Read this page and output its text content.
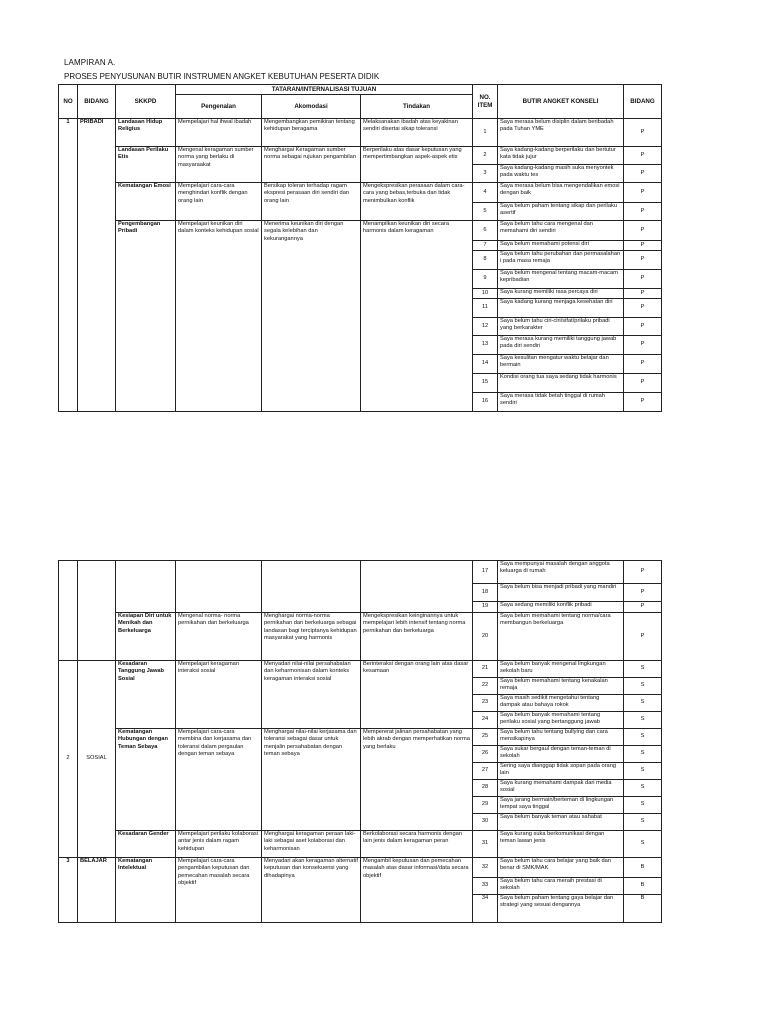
LAMPIRAN A.
PROSES PENYUSUNAN BUTIR INSTRUMEN ANGKET KEBUTUHAN PESERTA DIDIK
NO	BIDANG	SKKPD	TATARAN/INTERNALISASI TUJUAN			NO. ITEM	BUTIR ANGKET KONSELI	BIDANG
			Pengenalan	Akomodasi	Tindakan			
1	PRIBADI	Landasan Hidup Religius	Mempelajari hal ihwal ibadah	Mengembangkan pemikiran tentang kehidupan beragama	Melaksanakan ibadah atas keyakinan sendiri disertai sikap toleransi	1	Saya merasa belum disiplin dalam beribadah pada Tuhan YME	P
		Landasan Perilaku Etis	Mengenal keragaman sumber norma yang berlaku di masyaraakat	Menghargai Keragaman sumber norma sebagai rujukan pengambilan	Berperilaku atas dasar keputusan yang mempertimbangkan aspek-aspek etis	2	Saya kadang-kadang berperilaku dan bertutur kata tidak jujur	P
						3	Saya kadang-kadang masih suka menyontek pada waktu tes	P
		Kematangan Emosi	Mempelajari cara-cara menghindari konflik dengan orang lain	Bersikap toleran terhadap ragam ekspresi perasaan diri sendiri dan orang lain	Mengekspresikan perasaan dalam cara-cara yang bebas,terbuka dan tidak menimbulkan konflik	4	Saya merasa belum bisa mengendalikan emosi dengan baik	P
						5	Saya belum paham tentang sikap dan perilaku asertif	P
		Pengembangan Pribadi	Mempelajari keunikan diri dalam konteks kehidupan sosial	Menerima keunikan diri dengan segala kelebihan dan kekurangannya	Menampilkan keunikan diri secara harmonis dalam keragaman	6	Saya belum tahu cara mengenal dan memahami diri sendiri	P
						7	Saya belum memahami potensi diri	P
						8	Saya belum tahu perubahan dan permasalahan i pada masa remaja	P
						9	Saya belum mengenal tentang macam-macam kepribadian	P
						10	Saya kurang memiliki rasa percaya diri	P
						11	Saya kadang kurang menjaga kesehatan diri	P
						12	Saya belum tahu ciri-ciri/sifat/prilaku pribadi yang berkarakter	P
						13	Saya merasa kurang memiliki tanggung jawab pada diri sendiri	P
						14	Saya kesulitan mengatur waktu belajar dan bermain	P
						15	Kondisi orang tua saya sedang tidak harmonis	P
						16	Saya merasa tidak betah tinggal di rumah sendiri	P
						17	Saya mempunyai masalah dengan anggota keluarga di rumah	P
						18	Saya belum bisa menjadi pribadi yang mandiri	P
						19	Saya sedang memiliki konflik pribadi	P
		Kesiapan Diri untuk Menikah dan Berkeluarga	Mengenal norma- norma pernikahan dan berkeluarga	Menghargai norma-norma pernikahan dan berkeluarga sebagai landasan bagi terciptanya kehidupan masyarakat yang harmonis	Mengekspresikan keinginannya untuk mempelajari lebih intensif tentang norma pernikahan dan berkeluarga	20	Saya belum memahami tentang norma/cara membangun berkeluarga	P
2	SOSIAL	Kesadaran Tanggung Jawab Sosial	Mempelajari keragaman interaksi sosial	Menyadari nilai-nilai persahabatan dan keharmonisan dalam konteks keragaman interaksi sosial	Berinteraksi dengan orang lain atas dasar kesamaan	21	Saya belum banyak mengenal lingkungan sekolah baru	S
						22	Saya belum memahami tentang kenakalan remaja	S
						23	Saya masih sedikit mengetahui tentang dampak atau bahaya rokok	S
						24	Saya belum banyak memahami tentang perilaku sosial yang bertanggung jawab	S
		Kematangan Hubungan dengan Teman Sebaya	Mempelajari cara-cara membina dan kerjasama dan toleransi dalam pergaulan dengan teman sebaya	Menghargai nilai-nilai kerjasama dan toleransi sebagai dasar untuk menjalin persahabatan dengan teman sebaya	Mempererat jalinan persahabatan yang lebih akrab dengan memperhatikan norma yang berlaku	25	Saya belum tahu tentang bullying dan cara mensikapinya	S
						26	Saya sukar bergaul dengan teman-teman di sekolah	S
						27	Sering saya dianggap tidak sopan pada orang lain	S
						28	Saya kurang memahami dampak dari media sosial	S
						29	Saya jarang bermain/berteman di lingkungan tempat saya tinggal	S
						30	Saya belum banyak teman atau sahabat	S
		Kesadaran Gender	Mempelajari perilaku kolaborasi antar jenis dalam ragam kehidupan	Menghargai keragaman peraan laki-laki sebagai aset kolaborasi dan keharmonisan	Berkolaborasi secara harmonis dengan lain jenis dalam keragaman peran	31	Saya kurang suka berkomunikasi dengan teman lawan jenis	S
3	BELAJAR	Kematangan Intelektual	Mempelajari cara-cara pengambilan keputusan dan pemecahan masalah secara objektif	Menyadari akan keragaman alternatif keputusan dan konsekuensi yang dihadapinya	Mengambil keputusan dan pemecahan masalah atas dasar informasi/data secara objektif	32	Saya belum tahu cara belajar yang baik dan benar di SMK/MAK	B
						33	Saya belum tahu cara meraih prestasi di sekolah	B
						34	Saya belum paham tentang gaya belajar dan strategi yang sesuai dengannya	B
